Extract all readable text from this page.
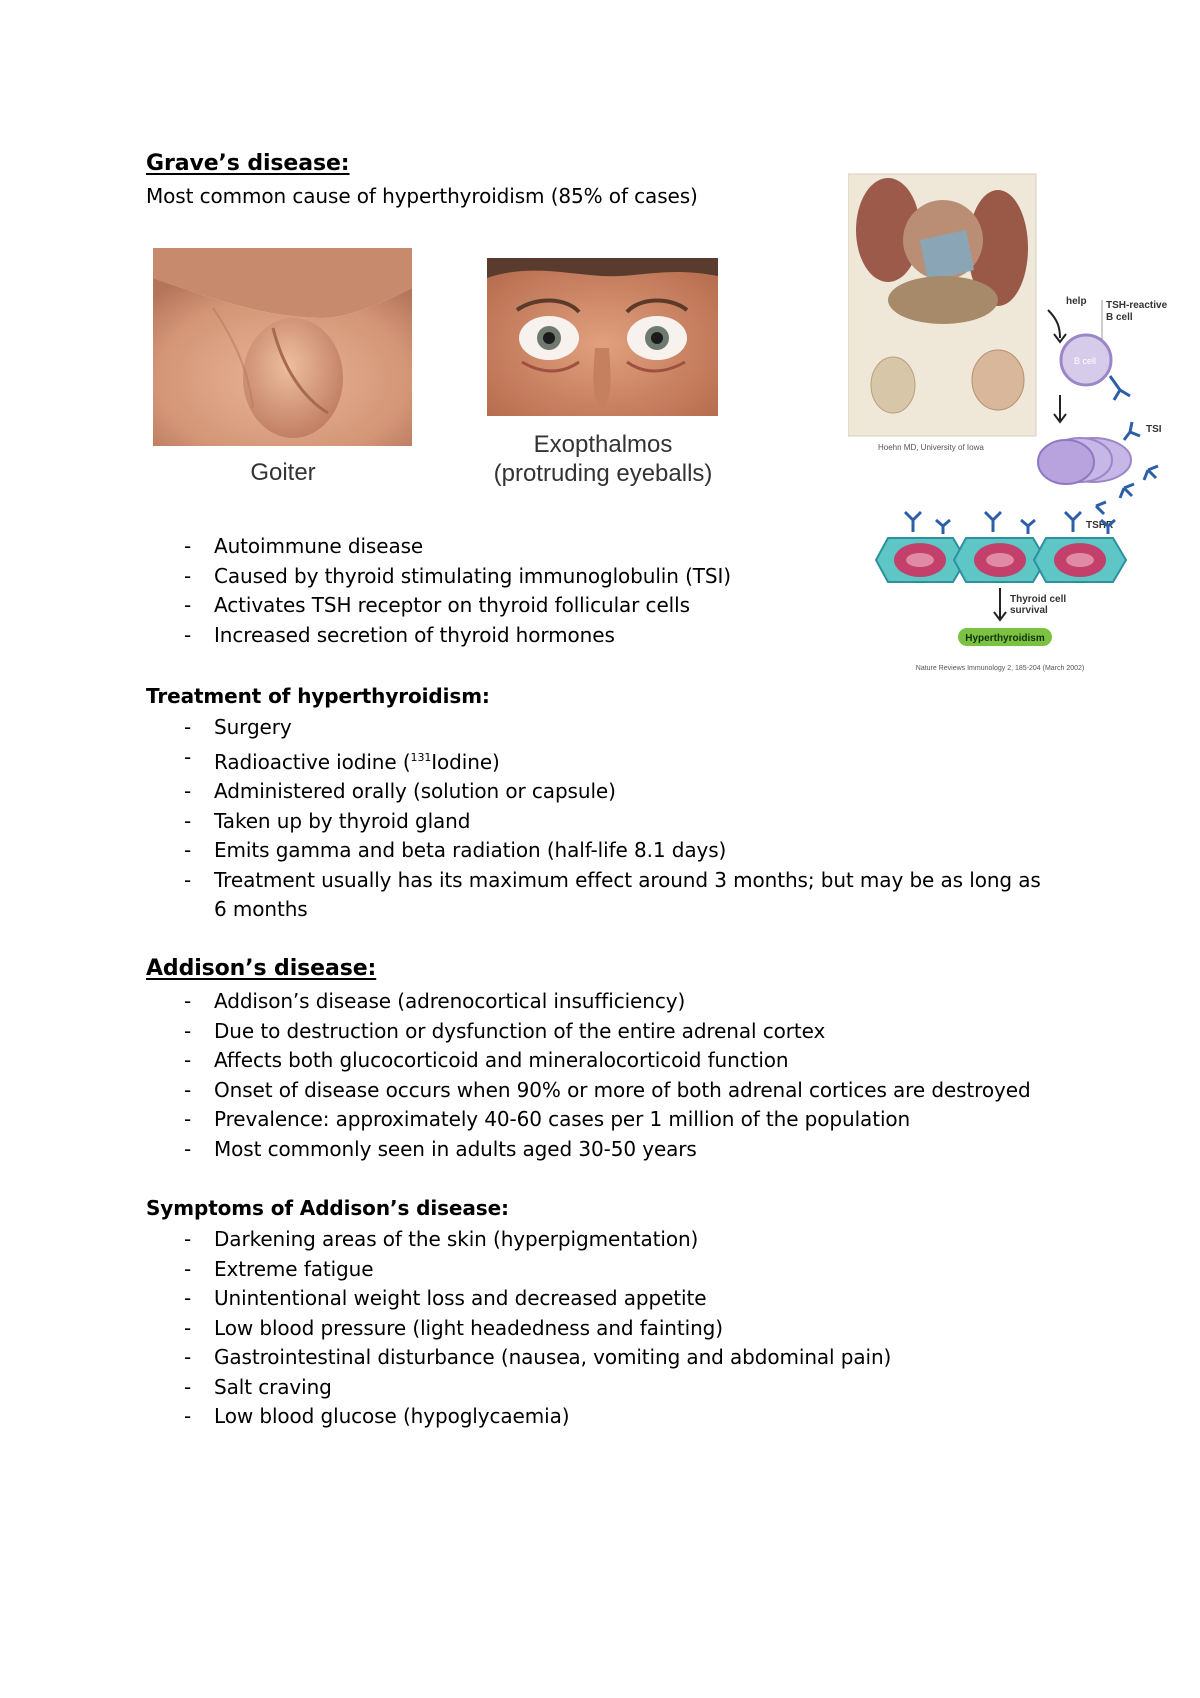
Grave’s disease:
Most common cause of hyperthyroidism (85% of cases)
Goiter
Exopthalmos
(protruding eyeballs)
Hoehn MD, University of Iowa
help TSH-reactive
B cell
B cell
TSI
TSHR
Thyroid cell
survival
Hyperthyroidism
Nature Reviews Immunology 2, 185-204 (March 2002)
- Autoimmune disease
- Caused by thyroid stimulating immunoglobulin (TSI)
- Activates TSH receptor on thyroid follicular cells
- Increased secretion of thyroid hormones
Treatment of hyperthyroidism:
- Surgery
- Radioactive iodine ($^{131}$Iodine)
- Administered orally (solution or capsule)
- Taken up by thyroid gland
- Emits gamma and beta radiation (half-life 8.1 days)
- Treatment usually has its maximum effect around 3 months; but may be as long as 6 months
Addison’s disease:
- Addison’s disease (adrenocortical insufficiency)
- Due to destruction or dysfunction of the entire adrenal cortex
- Affects both glucocorticoid and mineralocorticoid function
- Onset of disease occurs when 90% or more of both adrenal cortices are destroyed
- Prevalence: approximately 40-60 cases per 1 million of the population
- Most commonly seen in adults aged 30-50 years
Symptoms of Addison’s disease:
- Darkening areas of the skin (hyperpigmentation)
- Extreme fatigue
- Unintentional weight loss and decreased appetite
- Low blood pressure (light headedness and fainting)
- Gastrointestinal disturbance (nausea, vomiting and abdominal pain)
- Salt craving
- Low blood glucose (hypoglycaemia)
